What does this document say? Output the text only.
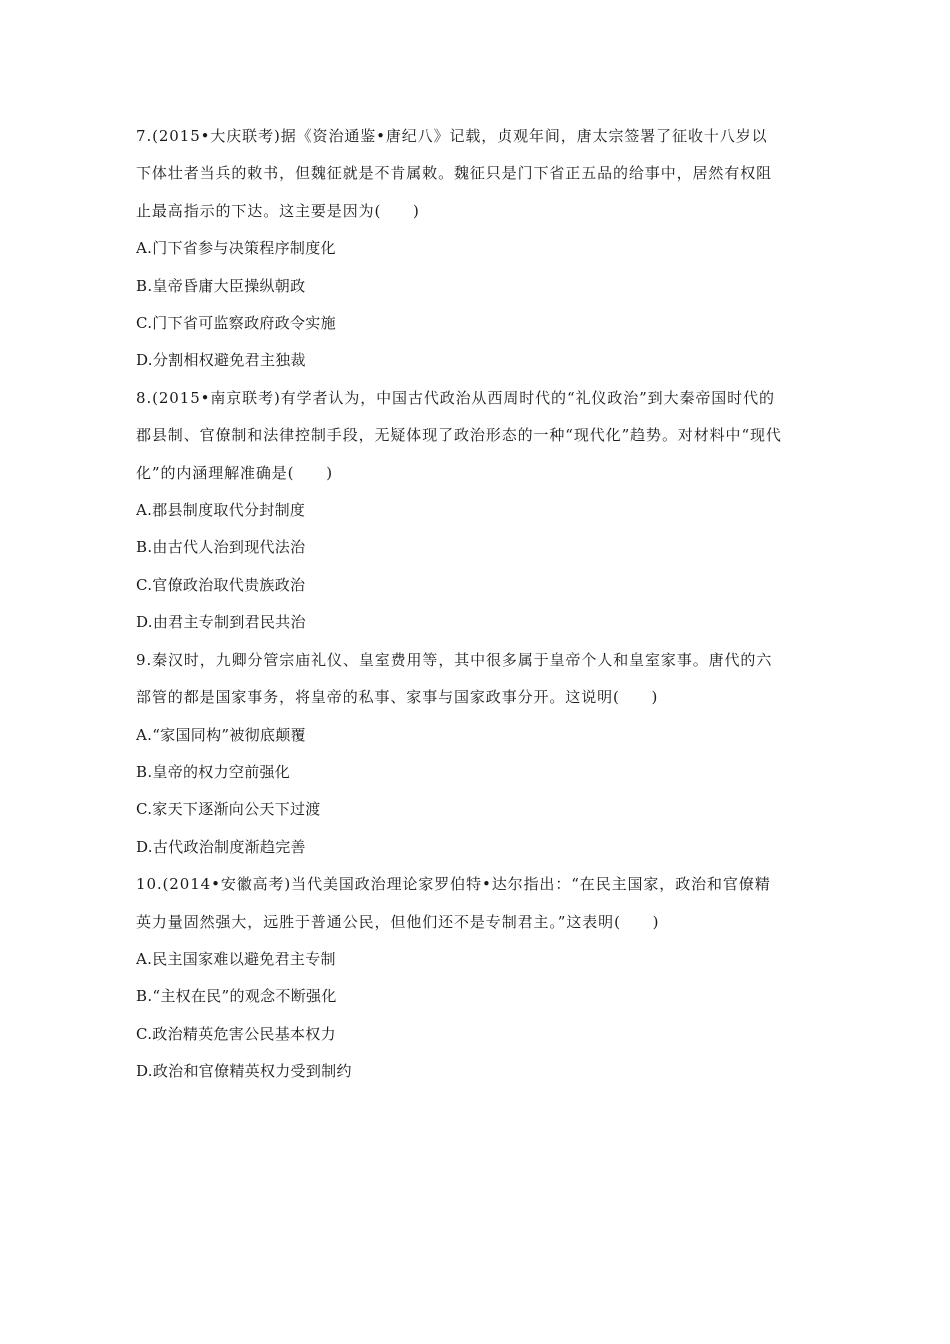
7.(2015•大庆联考)据《资治通鉴•唐纪八》记载，贞观年间，唐太宗签署了征收十八岁以
下体壮者当兵的敕书，但魏征就是不肯属敕。魏征只是门下省正五品的给事中，居然有权阻
止最高指示的下达。这主要是因为(　　)
A.门下省参与决策程序制度化
B.皇帝昏庸大臣操纵朝政
C.门下省可监察政府政令实施
D.分割相权避免君主独裁
8.(2015•南京联考)有学者认为，中国古代政治从西周时代的“礼仪政治”到大秦帝国时代的
郡县制、官僚制和法律控制手段，无疑体现了政治形态的一种“现代化”趋势。对材料中“现代
化”的内涵理解准确是(　　)
A.郡县制度取代分封制度
B.由古代人治到现代法治
C.官僚政治取代贵族政治
D.由君主专制到君民共治
9.秦汉时，九卿分管宗庙礼仪、皇室费用等，其中很多属于皇帝个人和皇室家事。唐代的六
部管的都是国家事务，将皇帝的私事、家事与国家政事分开。这说明(　　)
A.“家国同构”被彻底颠覆
B.皇帝的权力空前强化
C.家天下逐渐向公天下过渡
D.古代政治制度渐趋完善
10.(2014•安徽高考)当代美国政治理论家罗伯特•达尔指出：“在民主国家，政治和官僚精
英力量固然强大，远胜于普通公民，但他们还不是专制君主。”这表明(　　)
A.民主国家难以避免君主专制
B.“主权在民”的观念不断强化
C.政治精英危害公民基本权力
D.政治和官僚精英权力受到制约
